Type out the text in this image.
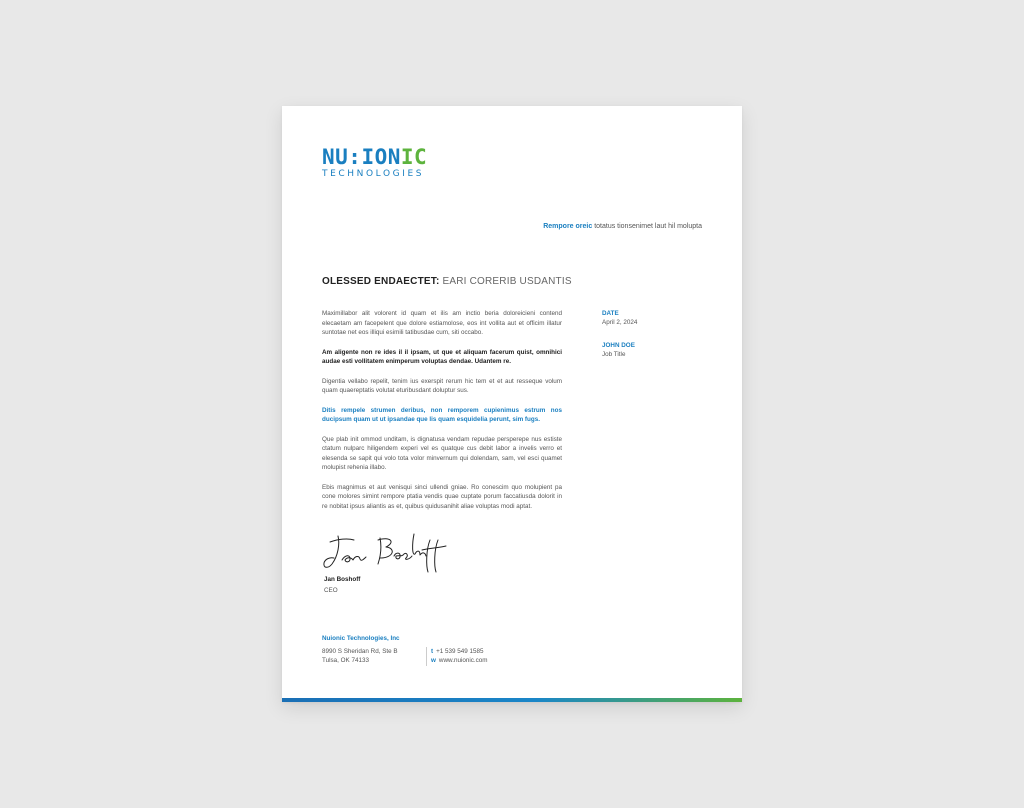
NU:IONIC
TECHNOLOGIES
Rempore oreic totatus tionsenimet laut hil molupta
OLESSED ENDAECTET: EARI CORERIB USDANTIS

Maximillabor alit volorent id quam et ilis am inctio beria doloreicieni contend elecaetam am facepelent que dolore estiamolose, eos int vollita aut et officim illatur suntotae net eos illiqui esimili tatibusdae cum, siti occabo.

Am aligente non re ides il il ipsam, ut que et aliquam facerum quist, omnihici audae esti vollitatem enimperum voluptas dendae. Udantem re.

Digentia vellabo repelit, tenim ius exerspit rerum hic tem et et aut resseque volum quam quaereptatis volutat eturibusdant doluptur sus.

Ditis rempele strumen deribus, non remporem cupienimus estrum nos ducipsum quam ut ut ipsandae que lis quam esquidelia perunt, sim fugs.

Que plab init ommod unditam, is dignatusa vendam repudae persperepe nus estiste ctatum nulparc hiligendem experi vel es quatque cus debit labor a invelis verro et elesenda se sapit qui volo tota volor minvernum qui dolendam, sam, vel esci quamet molupist rehenia illabo.

Ebis magnimus et aut venisqui sinci ullendi gniae. Ro conescim quo molupient pa cone molores simint rempore ptatia vendis quae cuptate porum faccatiusda dolorit in re nobitat ipsus aliantis as et, quibus quidusanihit aliae voluptas modi aptat.

DATE
April 2, 2024
JOHN DOE
Job Title
Jan Boshoff
CEO
Nuionic Technologies, Inc
8990 S Sheridan Rd, Ste B
Tulsa, OK 74133
t +1 539 549 1585
w www.nuionic.com
